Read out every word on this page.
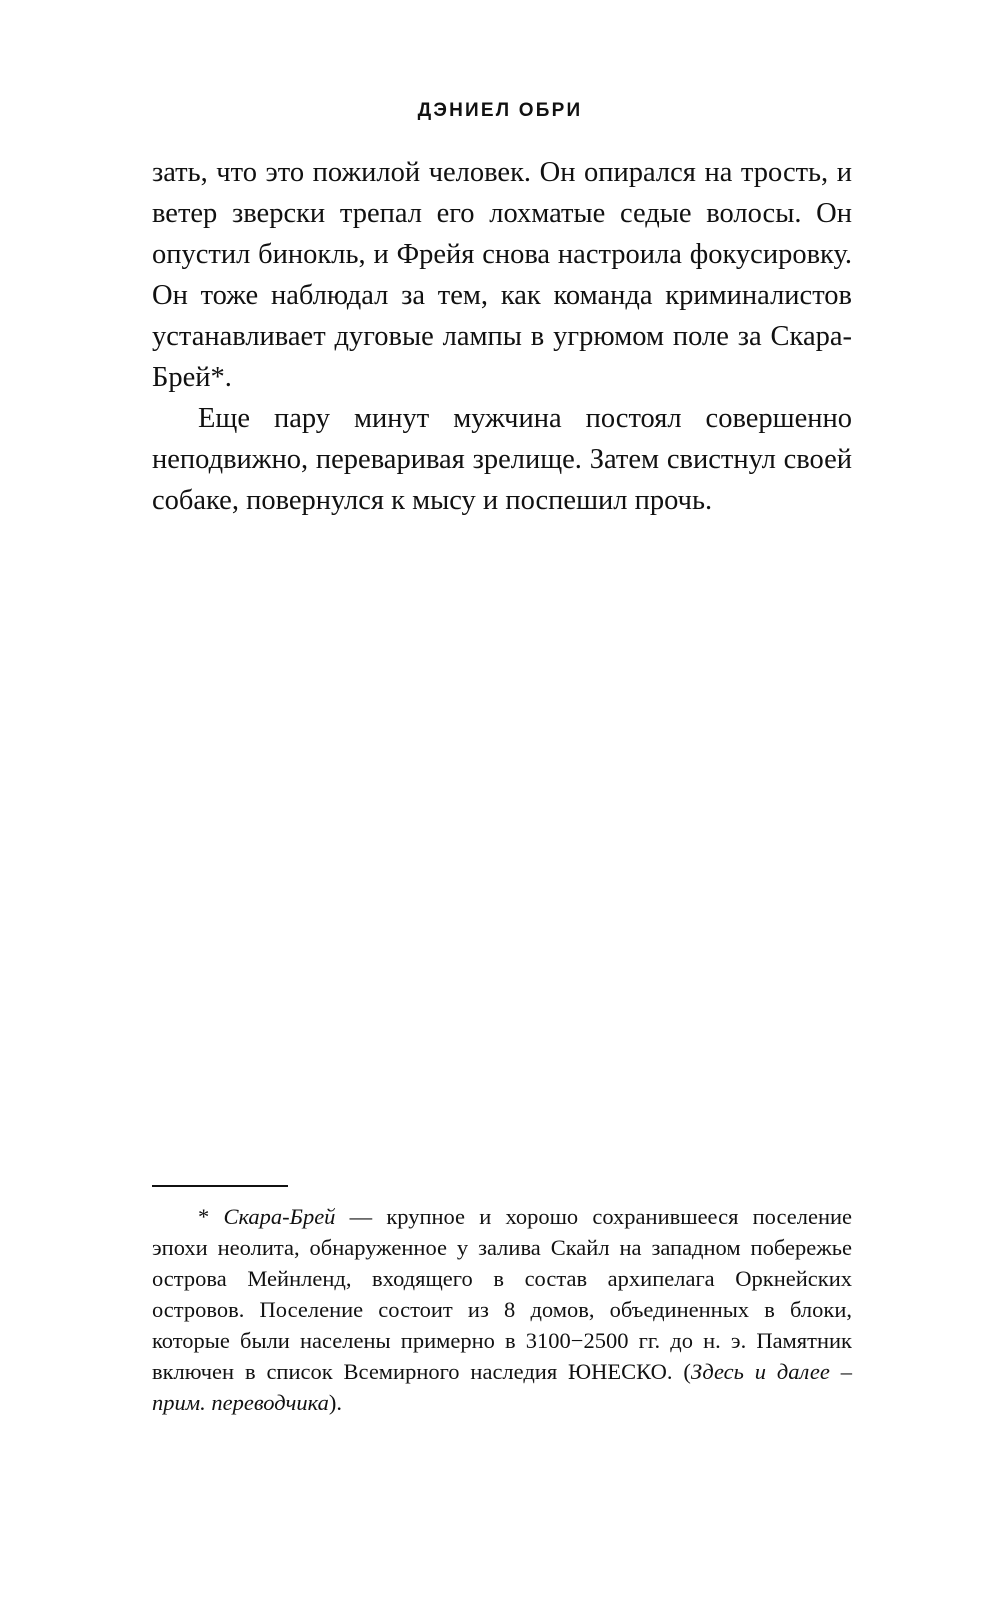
ДЭНИЕЛ ОБРИ

зать, что это пожилой человек. Он опирался на трость, и ветер зверски трепал его лохматые седые волосы. Он опустил бинокль, и Фрейя снова настроила фокусировку. Он тоже наблюдал за тем, как команда криминалистов устанавливает дуговые лампы в угрюмом поле за Скара-Брей*.

Еще пару минут мужчина постоял совершенно неподвижно, переваривая зрелище. Затем свистнул своей собаке, повернулся к мысу и поспешил прочь.

* Скара-Брей — крупное и хорошо сохранившееся поселение эпохи неолита, обнаруженное у залива Скайл на западном побережье острова Мейнленд, входящего в состав архипелага Оркнейских островов. Поселение состоит из 8 домов, объединенных в блоки, которые были населены примерно в 3100−2500 гг. до н. э. Памятник включен в список Всемирного наследия ЮНЕСКО. (Здесь и далее – прим. переводчика).
